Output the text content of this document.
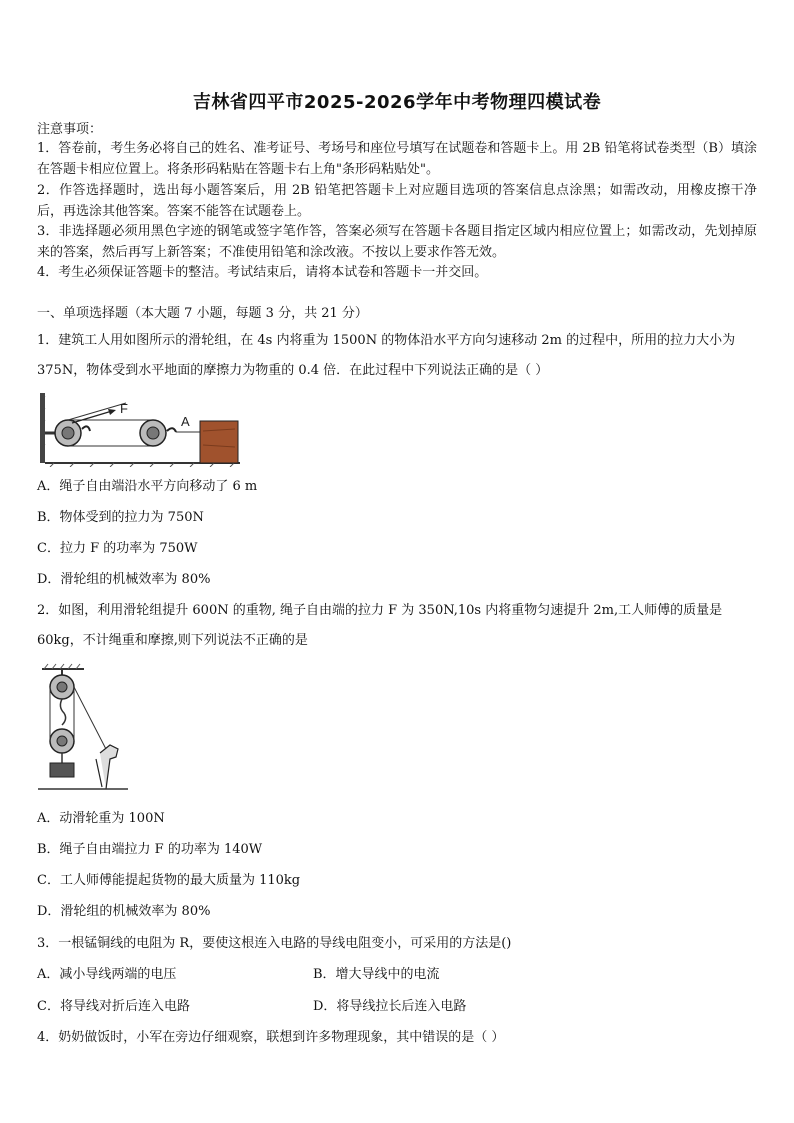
吉林省四平市2025-2026学年中考物理四模试卷
注意事项：
1．答卷前，考生务必将自己的姓名、准考证号、考场号和座位号填写在试题卷和答题卡上。用 2B 铅笔将试卷类型（B）填涂在答题卡相应位置上。将条形码粘贴在答题卡右上角"条形码粘贴处"。
2．作答选择题时，选出每小题答案后，用 2B 铅笔把答题卡上对应题目选项的答案信息点涂黑；如需改动，用橡皮擦干净后，再选涂其他答案。答案不能答在试题卷上。
3．非选择题必须用黑色字迹的钢笔或签字笔作答，答案必须写在答题卡各题目指定区域内相应位置上；如需改动，先划掉原来的答案，然后再写上新答案；不准使用铅笔和涂改液。不按以上要求作答无效。
4．考生必须保证答题卡的整洁。考试结束后，请将本试卷和答题卡一并交回。
一、单项选择题（本大题 7 小题，每题 3 分，共 21 分）
1．建筑工人用如图所示的滑轮组，在 4s 内将重为 1500N 的物体沿水平方向匀速移动 2m 的过程中，所用的拉力大小为 375N，物体受到水平地面的摩擦力为物重的 0.4 倍．在此过程中下列说法正确的是（ ）
F
A
A．绳子自由端沿水平方向移动了 6 m
B．物体受到的拉力为 750N
C．拉力 F 的功率为 750W
D．滑轮组的机械效率为 80%
2．如图，利用滑轮组提升 600N 的重物, 绳子自由端的拉力 F 为 350N,10s 内将重物匀速提升 2m,工人师傅的质量是 60kg，不计绳重和摩擦,则下列说法不正确的是
A．动滑轮重为 100N
B．绳子自由端拉力 F 的功率为 140W
C．工人师傅能提起货物的最大质量为 110kg
D．滑轮组的机械效率为 80%
3．一根锰铜线的电阻为 R，要使这根连入电路的导线电阻变小，可采用的方法是()
A．减小导线两端的电压	B．增大导线中的电流
C．将导线对折后连入电路	D．将导线拉长后连入电路
4．奶奶做饭时，小军在旁边仔细观察，联想到许多物理现象，其中错误的是（ ）
